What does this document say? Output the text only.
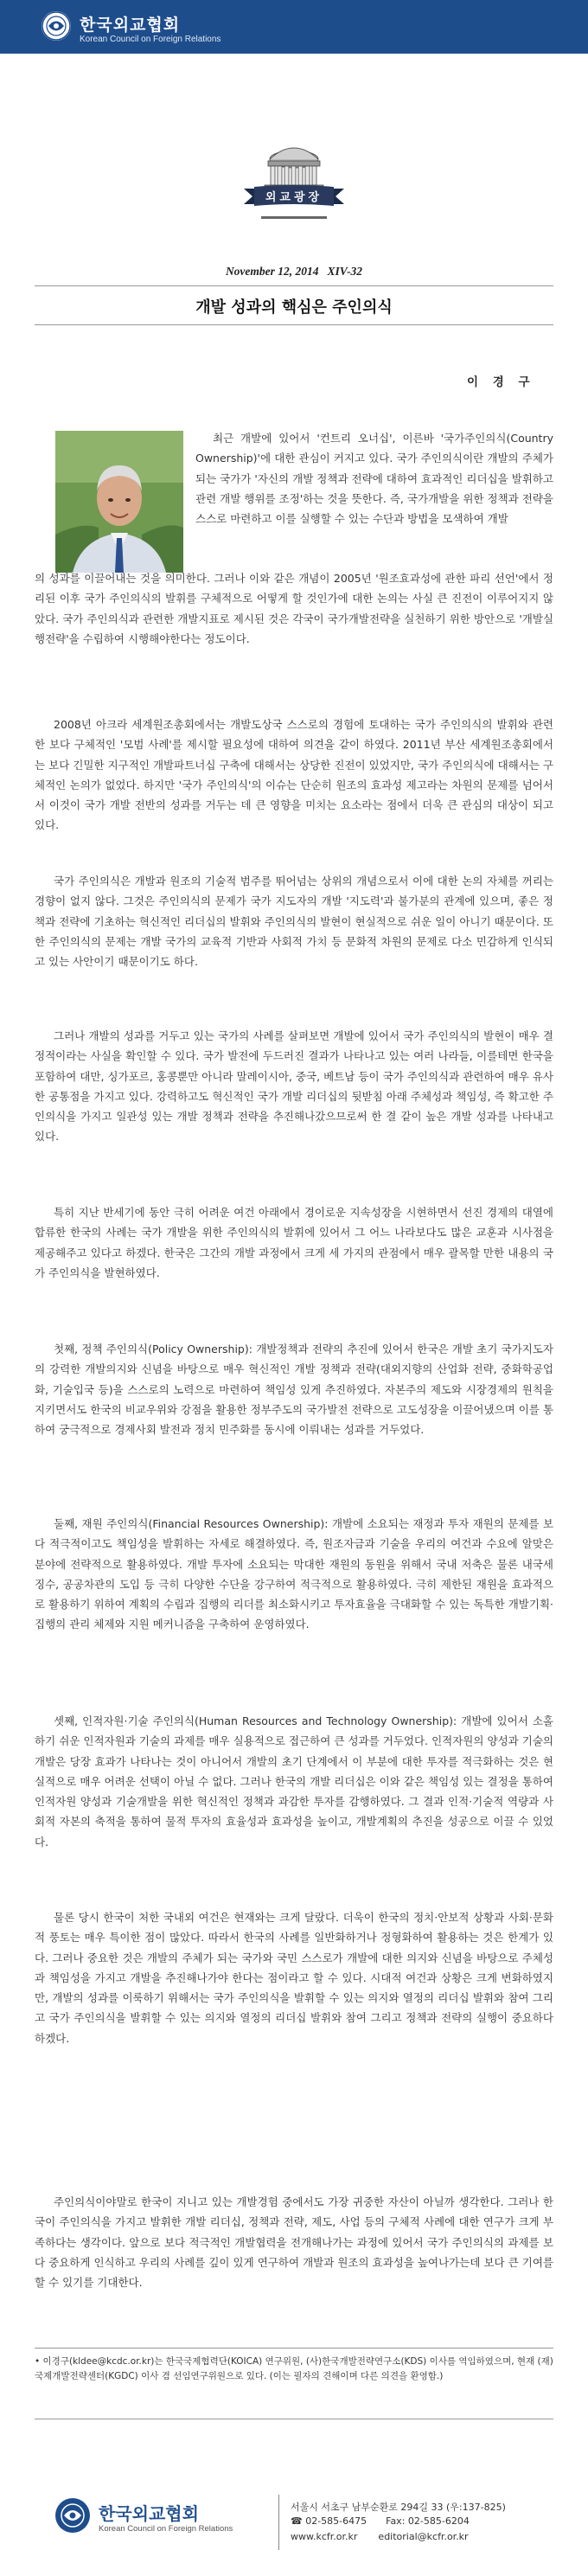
한국외교협회
Korean Council on Foreign Relations
외교광장
November 12, 2014 XIV-32
개발 성과의 핵심은 주인의식
이 경 구

최근 개발에 있어서 '컨트리 오너십', 이른바 '국가주인의식(Country Ownership)'에 대한 관심이 커지고 있다. 국가 주인의식이란 개발의 주체가 되는 국가가 '자신의 개발 정책과 전략에 대하여 효과적인 리더십을 발휘하고 관련 개발 행위를 조정'하는 것을 뜻한다. 즉, 국가개발을 위한 정책과 전략을 스스로 마련하고 이를 실행할 수 있는 수단과 방법을 모색하여 개발

의 성과를 이끌어내는 것을 의미한다. 그러나 이와 같은 개념이 2005년 '원조효과성에 관한 파리 선언'에서 정리된 이후 국가 주인의식의 발휘를 구체적으로 어떻게 할 것인가에 대한 논의는 사실 큰 진전이 이루어지지 않았다. 국가 주인의식과 관련한 개발지표로 제시된 것은 각국이 국가개발전략을 실천하기 위한 방안으로 '개발실행전략'을 수립하여 시행해야한다는 정도이다.

2008년 아크라 세계원조총회에서는 개발도상국 스스로의 경험에 토대하는 국가 주인의식의 발휘와 관련한 보다 구체적인 '모범 사례'를 제시할 필요성에 대하여 의견을 같이 하였다. 2011년 부산 세계원조총회에서는 보다 긴밀한 지구적인 개발파트너십 구축에 대해서는 상당한 진전이 있었지만, 국가 주인의식에 대해서는 구체적인 논의가 없었다. 하지만 '국가 주인의식'의 이슈는 단순히 원조의 효과성 제고라는 차원의 문제를 넘어서서 이것이 국가 개발 전반의 성과를 거두는 데 큰 영향을 미치는 요소라는 점에서 더욱 큰 관심의 대상이 되고 있다.

국가 주인의식은 개발과 원조의 기술적 범주를 뛰어넘는 상위의 개념으로서 이에 대한 논의 자체를 꺼리는 경향이 없지 않다. 그것은 주인의식의 문제가 국가 지도자의 개발 '지도력'과 불가분의 관계에 있으며, 좋은 정책과 전략에 기초하는 혁신적인 리더십의 발휘와 주인의식의 발현이 현실적으로 쉬운 일이 아니기 때문이다. 또한 주인의식의 문제는 개발 국가의 교육적 기반과 사회적 가치 등 문화적 차원의 문제로 다소 민감하게 인식되고 있는 사안이기 때문이기도 하다.

그러나 개발의 성과를 거두고 있는 국가의 사례를 살펴보면 개발에 있어서 국가 주인의식의 발현이 매우 결정적이라는 사실을 확인할 수 있다. 국가 발전에 두드러진 결과가 나타나고 있는 여러 나라들, 이를테면 한국을 포함하여 대만, 싱가포르, 홍콩뿐만 아니라 말레이시아, 중국, 베트남 등이 국가 주인의식과 관련하여 매우 유사한 공통점을 가지고 있다. 강력하고도 혁신적인 국가 개발 리더십의 뒷받침 아래 주체성과 책임성, 즉 확고한 주인의식을 가지고 일관성 있는 개발 정책과 전략을 추진해나갔으므로써 한 결 같이 높은 개발 성과를 나타내고 있다.

특히 지난 반세기에 동안 극히 어려운 여건 아래에서 경이로운 지속성장을 시현하면서 선진 경제의 대열에 합류한 한국의 사례는 국가 개발을 위한 주인의식의 발휘에 있어서 그 어느 나라보다도 많은 교훈과 시사점을 제공해주고 있다고 하겠다. 한국은 그간의 개발 과정에서 크게 세 가지의 관점에서 매우 괄목할 만한 내용의 국가 주인의식을 발현하였다.

첫째, 정책 주인의식(Policy Ownership): 개발정책과 전략의 추진에 있어서 한국은 개발 초기 국가지도자의 강력한 개발의지와 신념을 바탕으로 매우 혁신적인 개발 정책과 전략(대외지향의 산업화 전략, 중화학공업화, 기술입국 등)을 스스로의 노력으로 마련하여 책임성 있게 추진하였다. 자본주의 제도와 시장경제의 원칙을 지키면서도 한국의 비교우위와 강점을 활용한 정부주도의 국가발전 전략으로 고도성장을 이끌어냈으며 이를 통하여 궁극적으로 경제사회 발전과 정치 민주화를 동시에 이뤄내는 성과를 거두었다.

둘째, 재원 주인의식(Financial Resources Ownership): 개발에 소요되는 재정과 투자 재원의 문제를 보다 적극적이고도 책임성을 발휘하는 자세로 해결하였다. 즉, 원조자금과 기술을 우리의 여건과 수요에 알맞은 분야에 전략적으로 활용하였다. 개발 투자에 소요되는 막대한 재원의 동원을 위해서 국내 저축은 물론 내국세 징수, 공공차관의 도입 등 극히 다양한 수단을 강구하여 적극적으로 활용하였다. 극히 제한된 재원을 효과적으로 활용하기 위하여 계획의 수립과 집행의 리더를 최소화시키고 투자효율을 극대화할 수 있는 독특한 개발기획·집행의 관리 체제와 지원 메커니즘을 구축하여 운영하였다.

셋째, 인적자원·기술 주인의식(Human Resources and Technology Ownership): 개발에 있어서 소홀하기 쉬운 인적자원과 기술의 과제를 매우 실용적으로 접근하여 큰 성과를 거두었다. 인적자원의 양성과 기술의 개발은 당장 효과가 나타나는 것이 아니어서 개발의 초기 단계에서 이 부분에 대한 투자를 적극화하는 것은 현실적으로 매우 어려운 선택이 아닐 수 없다. 그러나 한국의 개발 리더십은 이와 같은 책임성 있는 결정을 통하여 인적자원 양성과 기술개발을 위한 혁신적인 정책과 과감한 투자를 감행하였다. 그 결과 인적·기술적 역량과 사회적 자본의 축적을 통하여 물적 투자의 효율성과 효과성을 높이고, 개발계획의 추진을 성공으로 이끌 수 있었다.

물론 당시 한국이 처한 국내외 여건은 현재와는 크게 달랐다. 더욱이 한국의 정치·안보적 상황과 사회·문화적 풍토는 매우 특이한 점이 많았다. 따라서 한국의 사례를 일반화하거나 정형화하여 활용하는 것은 한계가 있다. 그러나 중요한 것은 개발의 주체가 되는 국가와 국민 스스로가 개발에 대한 의지와 신념을 바탕으로 주체성과 책임성을 가지고 개발을 추진해나가야 한다는 점이라고 할 수 있다. 시대적 여건과 상황은 크게 변화하였지만, 개발의 성과를 이룩하기 위해서는 국가 주인의식을 발휘할 수 있는 의지와 열정의 리더십 발휘와 참여 그리고 국가 주인의식을 발휘할 수 있는 의지와 열정의 리더십 발휘와 참여 그리고 정책과 전략의 실행이 중요하다 하겠다.

주인의식이야말로 한국이 지니고 있는 개발경험 중에서도 가장 귀중한 자산이 아닐까 생각한다. 그러나 한국이 주인의식을 가지고 발휘한 개발 리더십, 정책과 전략, 제도, 사업 등의 구체적 사례에 대한 연구가 크게 부족하다는 생각이다. 앞으로 보다 적극적인 개발협력을 전개해나가는 과정에 있어서 국가 주인의식의 과제를 보다 중요하게 인식하고 우리의 사례를 깊이 있게 연구하여 개발과 원조의 효과성을 높여나가는데 보다 큰 기여를 할 수 있기를 기대한다.

• 이경구(kldee@kcdc.or.kr)는 한국국제협력단(KOICA) 연구위원, (사)한국개발전략연구소(KDS) 이사를 역임하였으며, 현재 (재)국제개발전략센터(KGDC) 이사 겸 선임연구위원으로 있다. (이는 필자의 견해이며 다른 의견을 환영함.)
한국외교협회
Korean Council on Foreign Relations
서울시 서초구 남부순환로 294길 33 (우:137-825)
☎ 02-585-6475 Fax: 02-585-6204
www.kcfr.or.kr editorial@kcfr.or.kr
